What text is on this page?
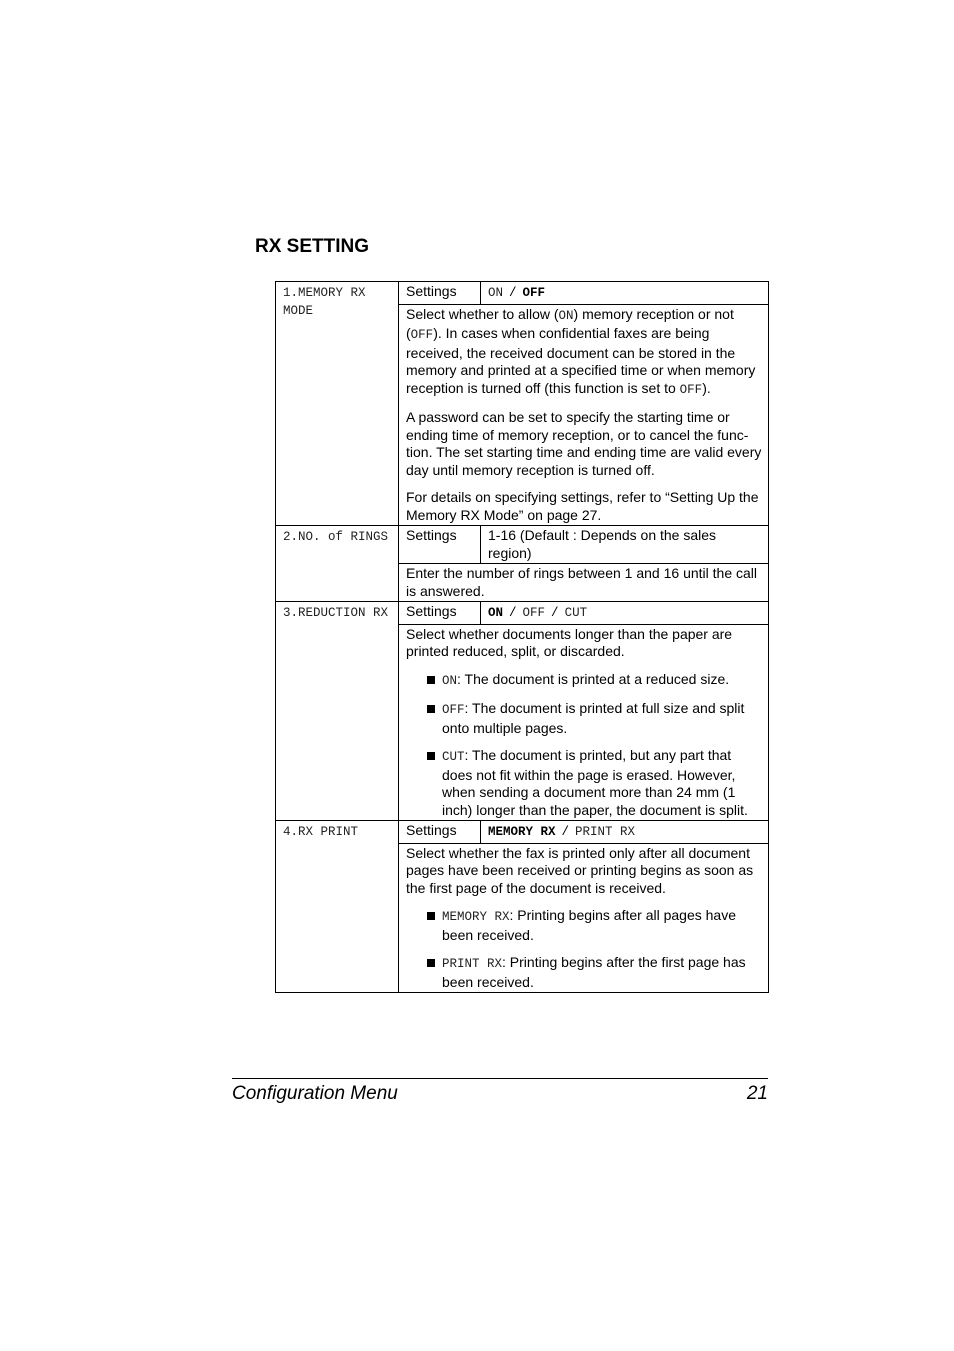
RX SETTING
1.MEMORY RX MODE	Settings	ON / OFF

	Select whether to allow (ON) memory reception or not (OFF). In cases when confidential faxes are being received, the received document can be stored in the memory and printed at a specified time or when memory reception is turned off (this function is set to OFF).

A password can be set to specify the starting time or ending time of memory reception, or to cancel the func-tion. The set starting time and ending time are valid every day until memory reception is turned off.

For details on specifying settings, refer to “Setting Up the Memory RX Mode” on page 27.	

2.NO. of RINGS	Settings	1-16 (Default : Depends on the sales region)
	Enter the number of rings between 1 and 16 until the call is answered.	
3.REDUCTION RX	Settings	ON / OFF / CUT

	Select whether documents longer than the paper are printed reduced, split, or discarded.

ON: The document is printed at a reduced size.

OFF: The document is printed at full size and split onto multiple pages.

CUT: The document is printed, but any part that does not fit within the page is erased. However, when sending a document more than 24 mm (1 inch) longer than the paper, the document is split.	

4.RX PRINT	Settings	MEMORY RX / PRINT RX

	Select whether the fax is printed only after all document pages have been received or printing begins as soon as the first page of the document is received.

MEMORY RX: Printing begins after all pages have been received.

PRINT RX: Printing begins after the first page has been received.	

Configuration Menu	21
